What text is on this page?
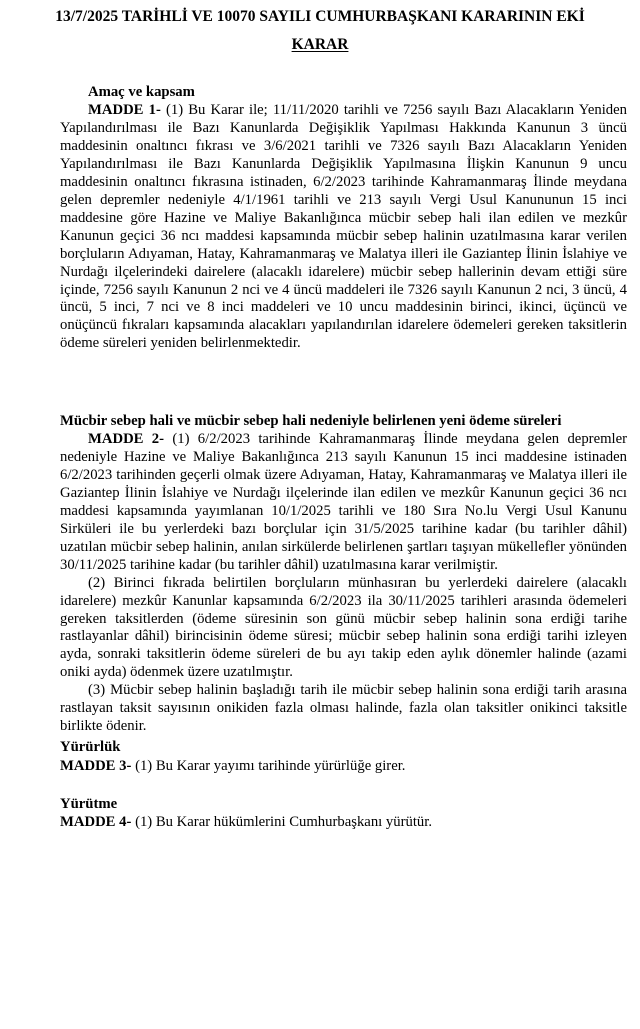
13/7/2025 TARİHLİ VE 10070 SAYILI CUMHURBAŞKANI KARARININ EKİ
KARAR
Amaç ve kapsam

MADDE 1- (1) Bu Karar ile; 11/11/2020 tarihli ve 7256 sayılı Bazı Alacakların Yeniden Yapılandırılması ile Bazı Kanunlarda Değişiklik Yapılması Hakkında Kanunun 3 üncü maddesinin onaltıncı fıkrası ve 3/6/2021 tarihli ve 7326 sayılı Bazı Alacakların Yeniden Yapılandırılması ile Bazı Kanunlarda Değişiklik Yapılmasına İlişkin Kanunun 9 uncu maddesinin onaltıncı fıkrasına istinaden, 6/2/2023 tarihinde Kahramanmaraş İlinde meydana gelen depremler nedeniyle 4/1/1961 tarihli ve 213 sayılı Vergi Usul Kanununun 15 inci maddesine göre Hazine ve Maliye Bakanlığınca mücbir sebep hali ilan edilen ve mezkûr Kanunun geçici 36 ncı maddesi kapsamında mücbir sebep halinin uzatılmasına karar verilen borçluların Adıyaman, Hatay, Kahramanmaraş ve Malatya illeri ile Gaziantep İlinin İslahiye ve Nurdağı ilçelerindeki dairelere (alacaklı idarelere) mücbir sebep hallerinin devam ettiği süre içinde, 7256 sayılı Kanunun 2 nci ve 4 üncü maddeleri ile 7326 sayılı Kanunun 2 nci, 3 üncü, 4 üncü, 5 inci, 7 nci ve 8 inci maddeleri ve 10 uncu maddesinin birinci, ikinci, üçüncü ve onüçüncü fıkraları kapsamında alacakları yapılandırılan idarelere ödemeleri gereken taksitlerin ödeme süreleri yeniden belirlenmektedir.

Mücbir sebep hali ve mücbir sebep hali nedeniyle belirlenen yeni ödeme süreleri

MADDE 2- (1) 6/2/2023 tarihinde Kahramanmaraş İlinde meydana gelen depremler nedeniyle Hazine ve Maliye Bakanlığınca 213 sayılı Kanunun 15 inci maddesine istinaden 6/2/2023 tarihinden geçerli olmak üzere Adıyaman, Hatay, Kahramanmaraş ve Malatya illeri ile Gaziantep İlinin İslahiye ve Nurdağı ilçelerinde ilan edilen ve mezkûr Kanunun geçici 36 ncı maddesi kapsamında yayımlanan 10/1/2025 tarihli ve 180 Sıra No.lu Vergi Usul Kanunu Sirküleri ile bu yerlerdeki bazı borçlular için 31/5/2025 tarihine kadar (bu tarihler dâhil) uzatılan mücbir sebep halinin, anılan sirkülerde belirlenen şartları taşıyan mükellefler yönünden 30/11/2025 tarihine kadar (bu tarihler dâhil) uzatılmasına karar verilmiştir.

(2) Birinci fıkrada belirtilen borçluların münhasıran bu yerlerdeki dairelere (alacaklı idarelere) mezkûr Kanunlar kapsamında 6/2/2023 ila 30/11/2025 tarihleri arasında ödemeleri gereken taksitlerden (ödeme süresinin son günü mücbir sebep halinin sona erdiği tarihe rastlayanlar dâhil) birincisinin ödeme süresi; mücbir sebep halinin sona erdiği tarihi izleyen ayda, sonraki taksitlerin ödeme süreleri de bu ayı takip eden aylık dönemler halinde (azami oniki ayda) ödenmek üzere uzatılmıştır.

(3) Mücbir sebep halinin başladığı tarih ile mücbir sebep halinin sona erdiği tarih arasına rastlayan taksit sayısının onikiden fazla olması halinde, fazla olan taksitler onikinci taksitle birlikte ödenir.

Yürürlük

MADDE 3- (1) Bu Karar yayımı tarihinde yürürlüğe girer.

Yürütme

MADDE 4- (1) Bu Karar hükümlerini Cumhurbaşkanı yürütür.
